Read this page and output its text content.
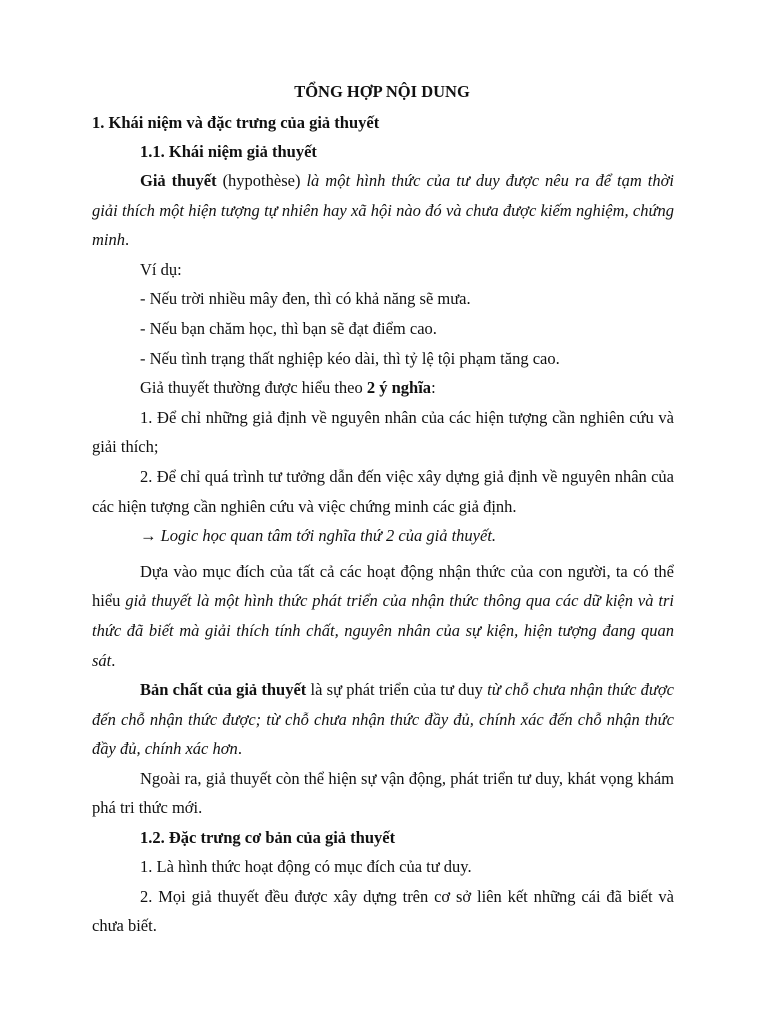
TỔNG HỢP NỘI DUNG
1. Khái niệm và đặc trưng của giả thuyết
1.1. Khái niệm giả thuyết

Giả thuyết (hypothèse) là một hình thức của tư duy được nêu ra để tạm thời giải thích một hiện tượng tự nhiên hay xã hội nào đó và chưa được kiếm nghiệm, chứng minh.

Ví dụ:

- Nếu trời nhiều mây đen, thì có khả năng sẽ mưa.

- Nếu bạn chăm học, thì bạn sẽ đạt điểm cao.

- Nếu tình trạng thất nghiệp kéo dài, thì tỷ lệ tội phạm tăng cao.

Giả thuyết thường được hiểu theo 2 ý nghĩa:

1. Để chỉ những giả định về nguyên nhân của các hiện tượng cần nghiên cứu và giải thích;

2. Để chỉ quá trình tư tưởng dẫn đến việc xây dựng giả định về nguyên nhân của các hiện tượng cần nghiên cứu và việc chứng minh các giả định.

→ Logic học quan tâm tới nghĩa thứ 2 của giả thuyết.

Dựa vào mục đích của tất cả các hoạt động nhận thức của con người, ta có thể hiểu giả thuyết là một hình thức phát triển của nhận thức thông qua các dữ kiện và tri thức đã biết mà giải thích tính chất, nguyên nhân của sự kiện, hiện tượng đang quan sát.

Bản chất của giả thuyết là sự phát triển của tư duy từ chỗ chưa nhận thức được đến chỗ nhận thức được; từ chỗ chưa nhận thức đầy đủ, chính xác đến chỗ nhận thức đầy đủ, chính xác hơn.

Ngoài ra, giả thuyết còn thể hiện sự vận động, phát triển tư duy, khát vọng khám phá tri thức mới.

1.2. Đặc trưng cơ bản của giả thuyết

1. Là hình thức hoạt động có mục đích của tư duy.

2. Mọi giả thuyết đều được xây dựng trên cơ sở liên kết những cái đã biết và chưa biết.
